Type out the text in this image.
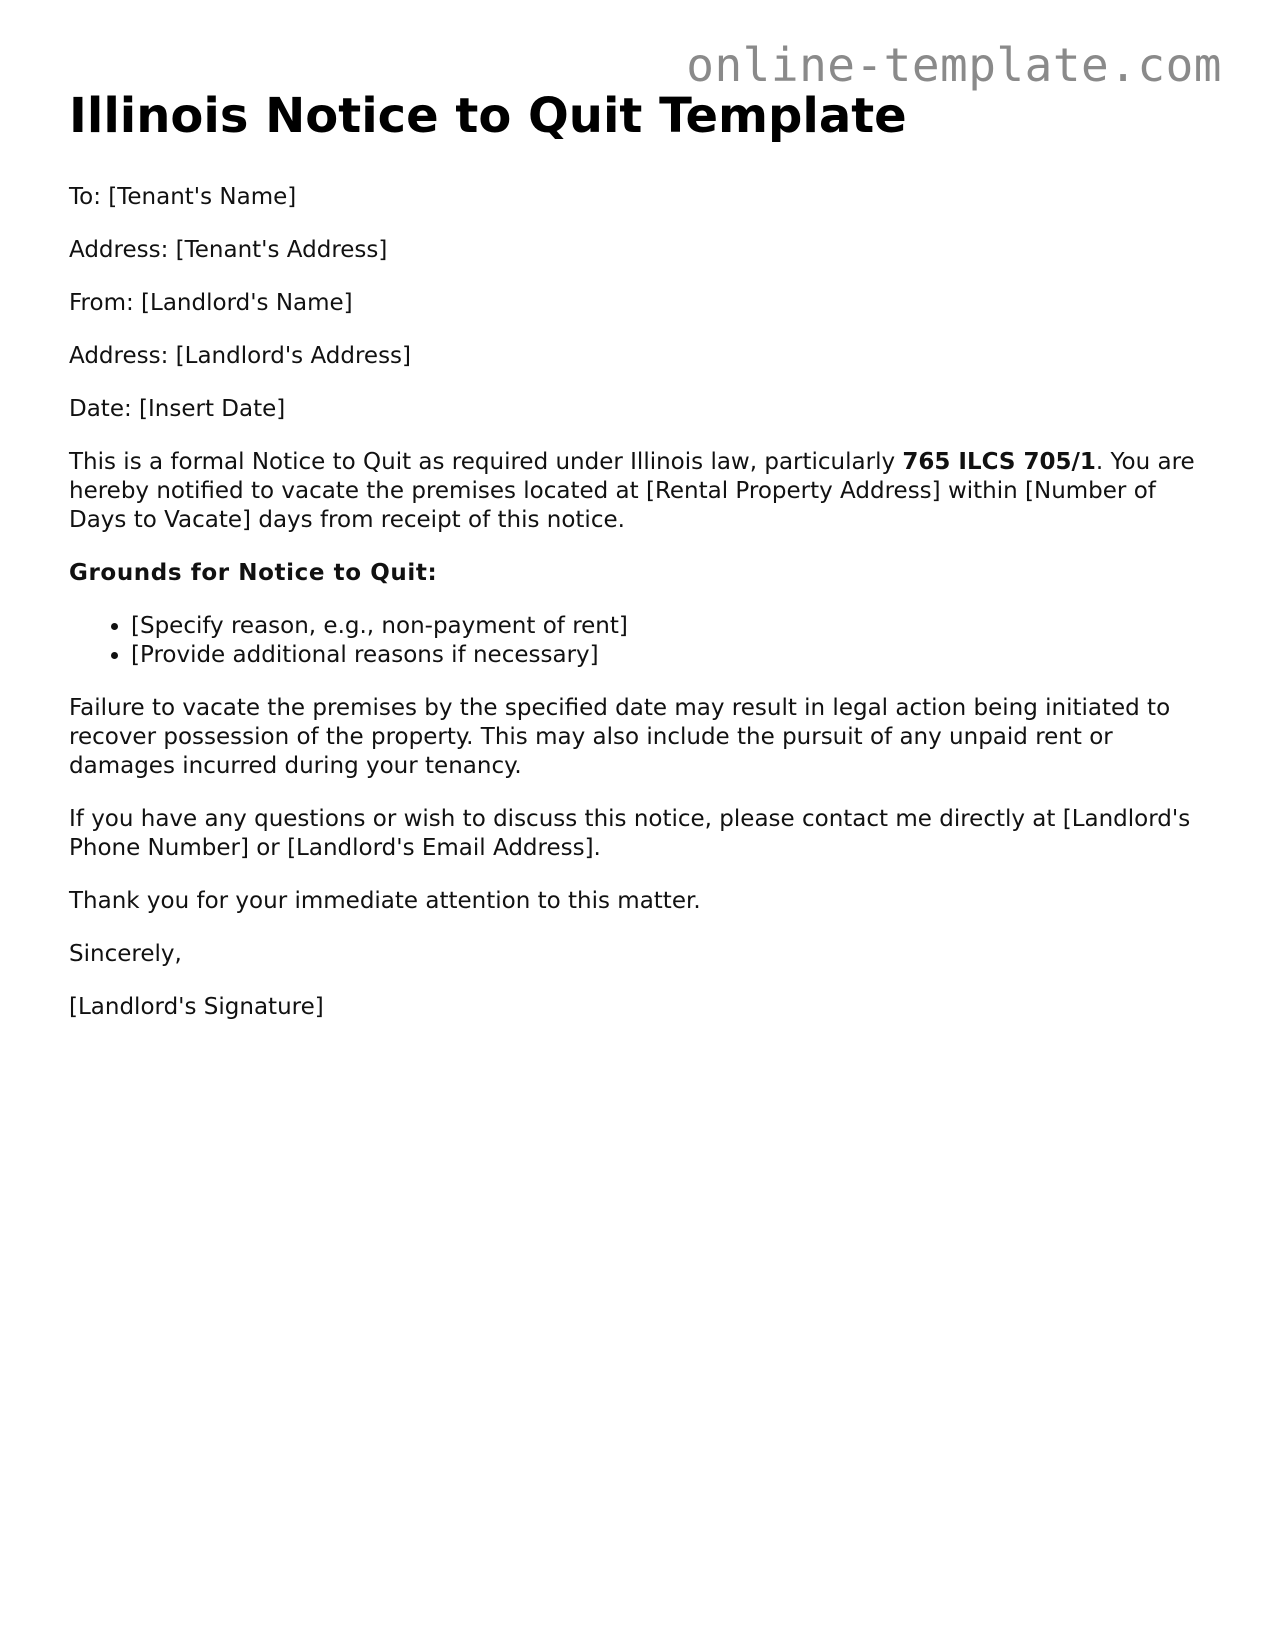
online-template.com
Illinois Notice to Quit Template

To: [Tenant's Name]

Address: [Tenant's Address]

From: [Landlord's Name]

Address: [Landlord's Address]

Date: [Insert Date]

This is a formal Notice to Quit as required under Illinois law, particularly 765 ILCS 705/1. You are hereby notified to vacate the premises located at [Rental Property Address] within [Number of Days to Vacate] days from receipt of this notice.

Grounds for Notice to Quit:

• [Specify reason, e.g., non-payment of rent]
• [Provide additional reasons if necessary]

Failure to vacate the premises by the specified date may result in legal action being initiated to recover possession of the property. This may also include the pursuit of any unpaid rent or damages incurred during your tenancy.

If you have any questions or wish to discuss this notice, please contact me directly at [Landlord's Phone Number] or [Landlord's Email Address].

Thank you for your immediate attention to this matter.

Sincerely,

[Landlord's Signature]
